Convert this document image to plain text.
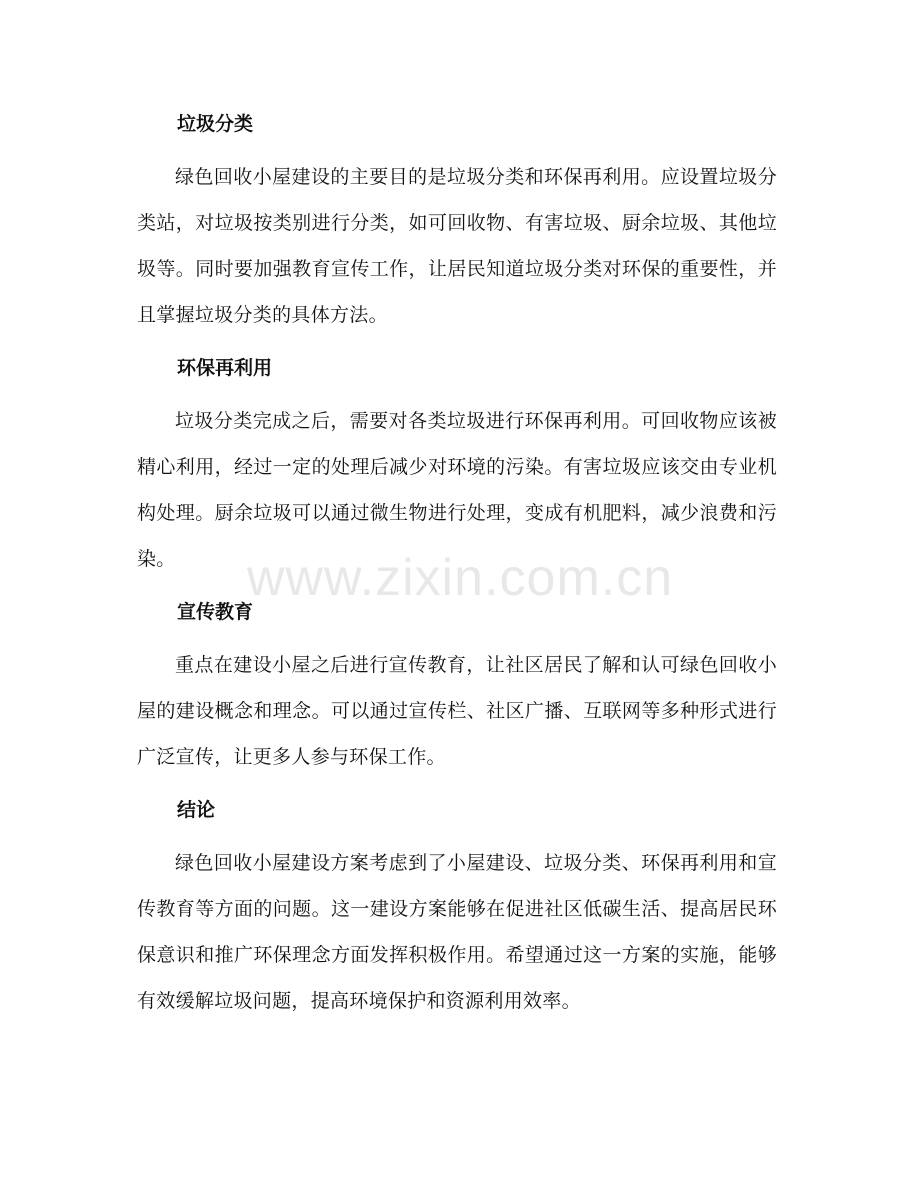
垃圾分类

绿色回收小屋建设的主要目的是垃圾分类和环保再利用。应设置垃圾分类站，对垃圾按类别进行分类，如可回收物、有害垃圾、厨余垃圾、其他垃圾等。同时要加强教育宣传工作，让居民知道垃圾分类对环保的重要性，并且掌握垃圾分类的具体方法。

环保再利用

垃圾分类完成之后，需要对各类垃圾进行环保再利用。可回收物应该被精心利用，经过一定的处理后减少对环境的污染。有害垃圾应该交由专业机构处理。厨余垃圾可以通过微生物进行处理，变成有机肥料，减少浪费和污染。

宣传教育

重点在建设小屋之后进行宣传教育，让社区居民了解和认可绿色回收小屋的建设概念和理念。可以通过宣传栏、社区广播、互联网等多种形式进行广泛宣传，让更多人参与环保工作。

结论

绿色回收小屋建设方案考虑到了小屋建设、垃圾分类、环保再利用和宣传教育等方面的问题。这一建设方案能够在促进社区低碳生活、提高居民环保意识和推广环保理念方面发挥积极作用。希望通过这一方案的实施，能够有效缓解垃圾问题，提高环境保护和资源利用效率。

www.zixin.com.cn
